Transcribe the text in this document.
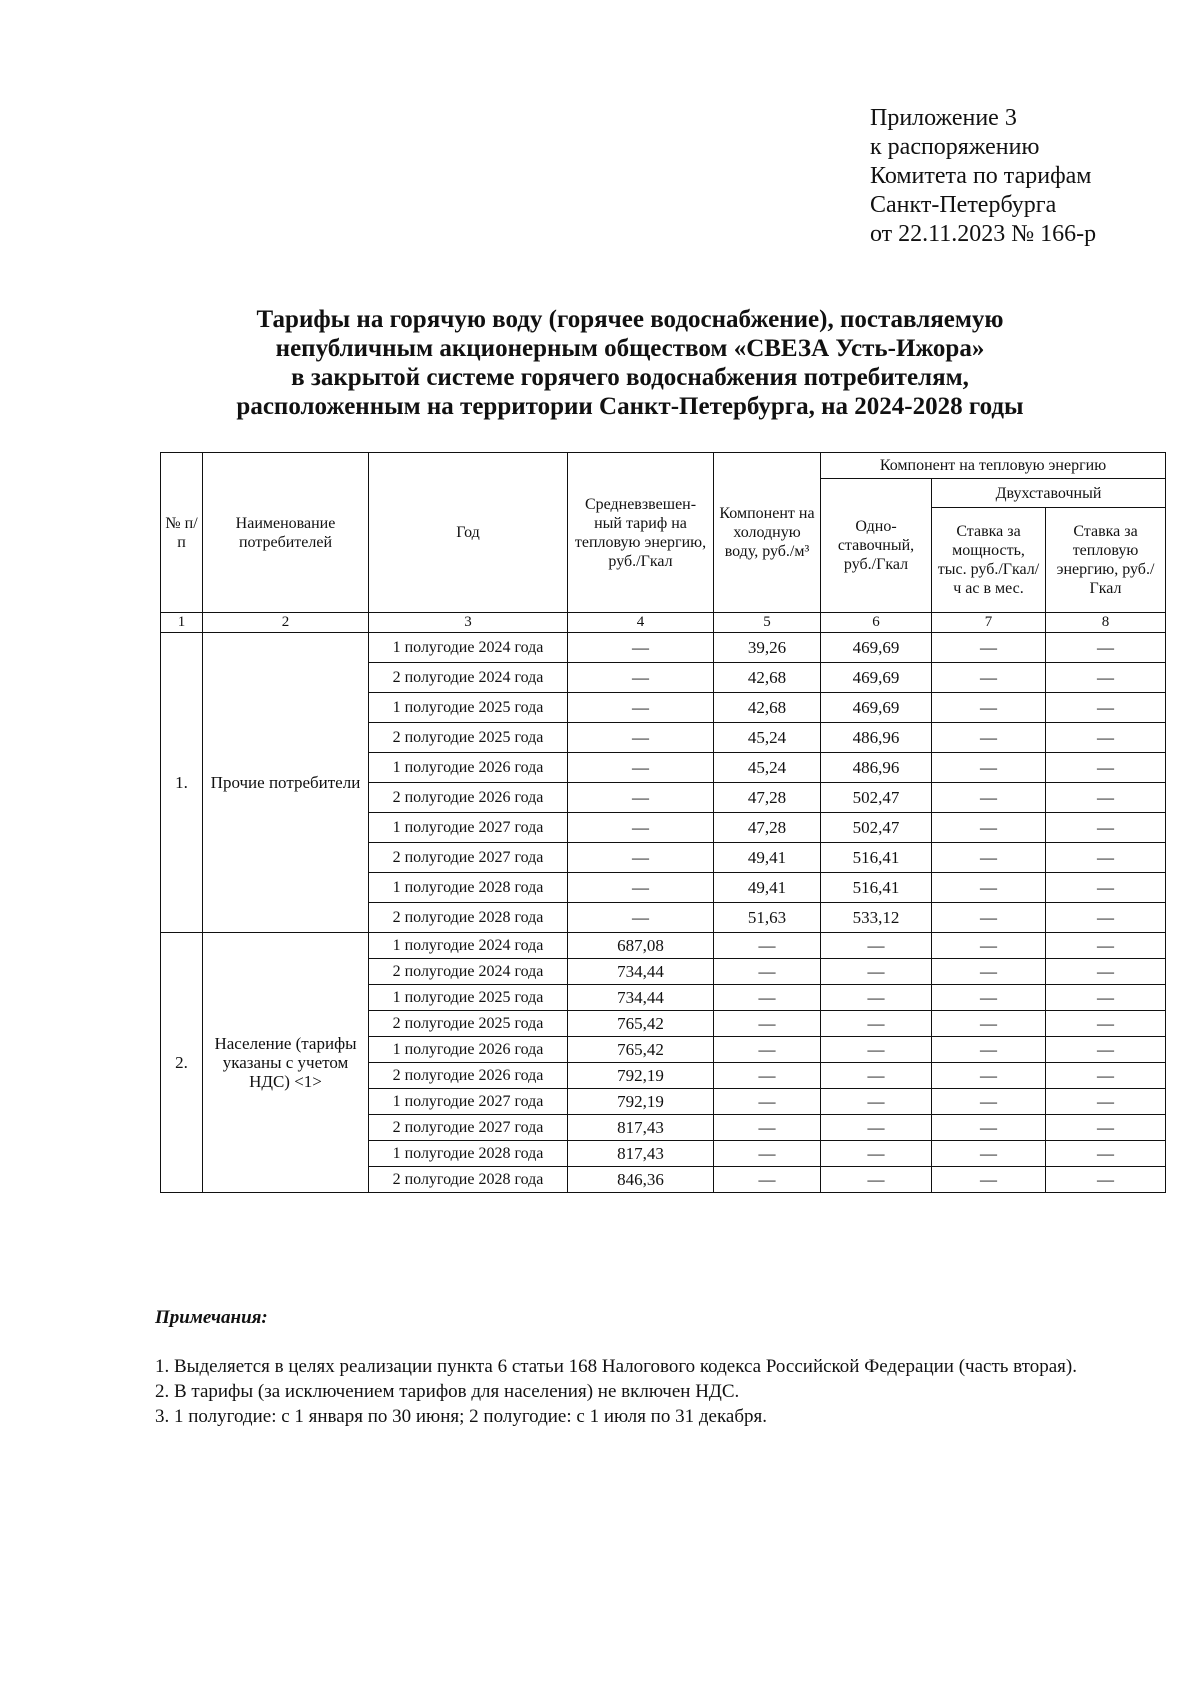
Приложение 3
к распоряжению
Комитета по тарифам
Санкт-Петербурга
от 22.11.2023 № 166-р
Тарифы на горячую воду (горячее водоснабжение), поставляемую
непубличным акционерным обществом «СВЕЗА Усть-Ижора»
в закрытой системе горячего водоснабжения потребителям,
расположенным на территории Санкт-Петербурга, на 2024-2028 годы
№ п/п	Наименование потребителей	Год	Средневзвешен-ный тариф на тепловую энергию, руб./Гкал	Компонент на холодную воду, руб./м³	Компонент на тепловую энергию		
					Одно-ставочный, руб./Гкал	Двухставочный	
						Ставка за мощность, тыс. руб./Гкал/ч ас в мес.	Ставка за тепловую энергию, руб./Гкал
1	2	3	4	5	6	7	8
1.	Прочие потребители	1 полугодие 2024 года	—	39,26	469,69	—	—
		2 полугодие 2024 года	—	42,68	469,69	—	—
		1 полугодие 2025 года	—	42,68	469,69	—	—
		2 полугодие 2025 года	—	45,24	486,96	—	—
		1 полугодие 2026 года	—	45,24	486,96	—	—
		2 полугодие 2026 года	—	47,28	502,47	—	—
		1 полугодие 2027 года	—	47,28	502,47	—	—
		2 полугодие 2027 года	—	49,41	516,41	—	—
		1 полугодие 2028 года	—	49,41	516,41	—	—
		2 полугодие 2028 года	—	51,63	533,12	—	—
2.	Население (тарифы указаны с учетом НДС) <1>	1 полугодие 2024 года	687,08	—	—	—	—
		2 полугодие 2024 года	734,44	—	—	—	—
		1 полугодие 2025 года	734,44	—	—	—	—
		2 полугодие 2025 года	765,42	—	—	—	—
		1 полугодие 2026 года	765,42	—	—	—	—
		2 полугодие 2026 года	792,19	—	—	—	—
		1 полугодие 2027 года	792,19	—	—	—	—
		2 полугодие 2027 года	817,43	—	—	—	—
		1 полугодие 2028 года	817,43	—	—	—	—
		2 полугодие 2028 года	846,36	—	—	—	—
Примечания:
1. Выделяется в целях реализации пункта 6 статьи 168 Налогового кодекса Российской Федерации (часть вторая).
2. В тарифы (за исключением тарифов для населения) не включен НДС.
3. 1 полугодие: с 1 января по 30 июня; 2 полугодие: с 1 июля по 31 декабря.
